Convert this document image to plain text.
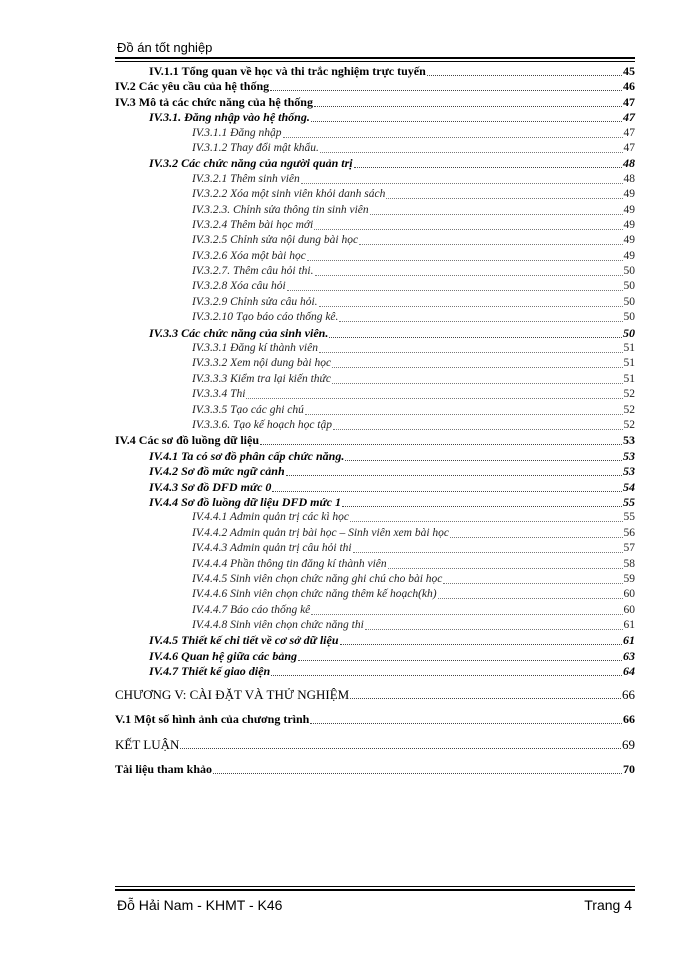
Đồ án tốt nghiệp
IV.1.1 Tổng quan về học và thi trắc nghiệm trực tuyến	45
IV.2 Các yêu cầu của hệ thống	46
IV.3 Mô tả các chức năng của hệ thống	47
IV.3.1. Đăng nhập vào hệ thống.	47
IV.3.1.1 Đăng nhập	47
IV.3.1.2 Thay đổi mật khẩu.	47
IV.3.2 Các chức năng của người quản trị	48
IV.3.2.1 Thêm sinh viên	48
IV.3.2.2 Xóa một sinh viên khỏi danh sách	49
IV.3.2.3. Chỉnh sửa thông tin sinh viên	49
IV.3.2.4 Thêm bài học mới	49
IV.3.2.5 Chỉnh sửa nội dung bài học	49
IV.3.2.6 Xóa một bài học	49
IV.3.2.7. Thêm câu hỏi thi.	50
IV.3.2.8 Xóa câu hỏi	50
IV.3.2.9 Chỉnh sửa câu hỏi.	50
IV.3.2.10 Tạo báo cáo thống kê.	50
IV.3.3 Các chức năng của sinh viên.	50
IV.3.3.1 Đăng kí thành viên	51
IV.3.3.2 Xem nội dung bài học	51
IV.3.3.3 Kiểm tra lại kiến thức	51
IV.3.3.4 Thi	52
IV.3.3.5 Tạo các ghi chú	52
IV.3.3.6. Tạo kế hoạch học tập	52
IV.4 Các sơ đồ luồng dữ liệu	53
IV.4.1 Ta có sơ đồ phân cấp chức năng.	53
IV.4.2 Sơ đồ mức ngữ cảnh	53
IV.4.3 Sơ đồ DFD mức 0	54
IV.4.4 Sơ đồ luồng dữ liệu DFD mức 1	55
IV.4.4.1 Admin quản trị các kì học	55
IV.4.4.2 Admin quản trị bài học – Sinh viên xem bài học	56
IV.4.4.3 Admin quản trị câu hỏi thi	57
IV.4.4.4 Phần thông tin đăng kí thành viên	58
IV.4.4.5 Sinh viên chọn chức năng ghi chú cho bài học	59
IV.4.4.6 Sinh viên chọn chức năng thêm kế hoạch(kh)	60
IV.4.4.7 Báo cáo thống kê	60
IV.4.4.8 Sinh viên chọn chức năng thi	61
IV.4.5 Thiết kế chi tiết về cơ sở dữ liệu	61
IV.4.6 Quan hệ giữa các bảng	63
IV.4.7 Thiết kế giao diện	64
CHƯƠNG V: CÀI ĐẶT VÀ THỬ NGHIỆM	66
V.1 Một số hình ảnh của chương trình	66
KẾT LUẬN	69
Tài liệu tham khảo	70
Đỗ Hải Nam - KHMT - K46	Trang 4
